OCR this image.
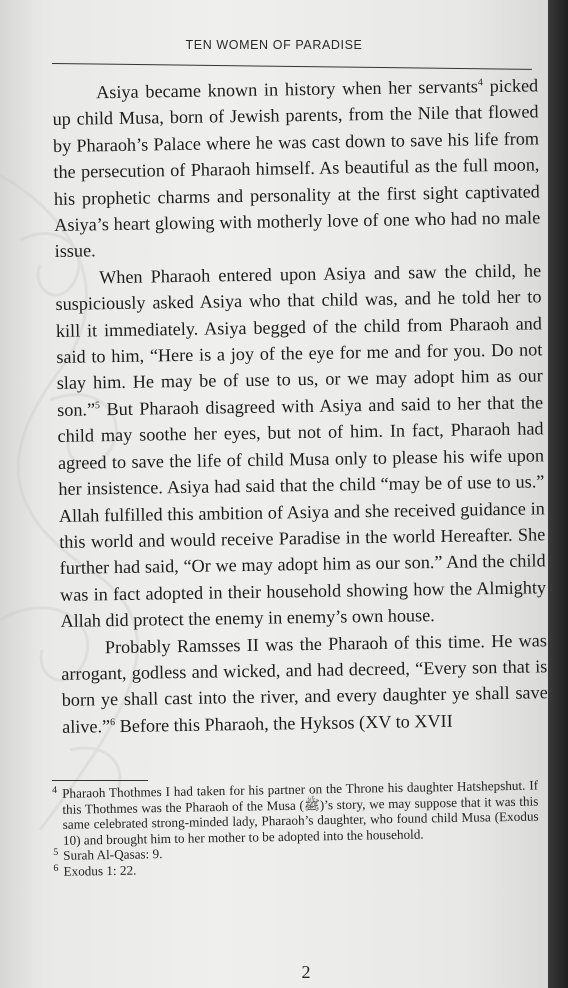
TEN WOMEN OF PARADISE

Asiya became known in history when her servants$^4$ picked up child Musa, born of Jewish parents, from the Nile that flowed by Pharaoh’s Palace where he was cast down to save his life from the persecution of Pharaoh himself. As beautiful as the full moon, his prophetic charms and personality at the first sight captivated Asiya’s heart glowing with motherly love of one who had no male issue.

When Pharaoh entered upon Asiya and saw the child, he suspiciously asked Asiya who that child was, and he told her to kill it immediately. Asiya begged of the child from Pharaoh and said to him, “Here is a joy of the eye for me and for you. Do not slay him. He may be of use to us, or we may adopt him as our son.”$^5$ But Pharaoh disagreed with Asiya and said to her that the child may soothe her eyes, but not of him. In fact, Pharaoh had agreed to save the life of child Musa only to please his wife upon her insistence. Asiya had said that the child “may be of use to us.” Allah fulfilled this ambition of Asiya and she received guidance in this world and would receive Paradise in the world Hereafter. She further had said, “Or we may adopt him as our son.” And the child was in fact adopted in their household showing how the Almighty Allah did protect the enemy in enemy’s own house.

Probably Ramsses II was the Pharaoh of this time. He was arrogant, godless and wicked, and had decreed, “Every son that is born ye shall cast into the river, and every daughter ye shall save alive.”$^6$ Before this Pharaoh, the Hyksos (XV to XVII

$^4$ Pharaoh Thothmes I had taken for his partner on the Throne his daughter Hatshepshut. If this Thothmes was the Pharaoh of the Musa (ﷺ)’s story, we may suppose that it was this same celebrated strong-minded lady, Pharaoh’s daughter, who found child Musa (Exodus 10) and brought him to her mother to be adopted into the household.

$^5$ Surah Al-Qasas: 9.

$^6$ Exodus 1: 22.

2
